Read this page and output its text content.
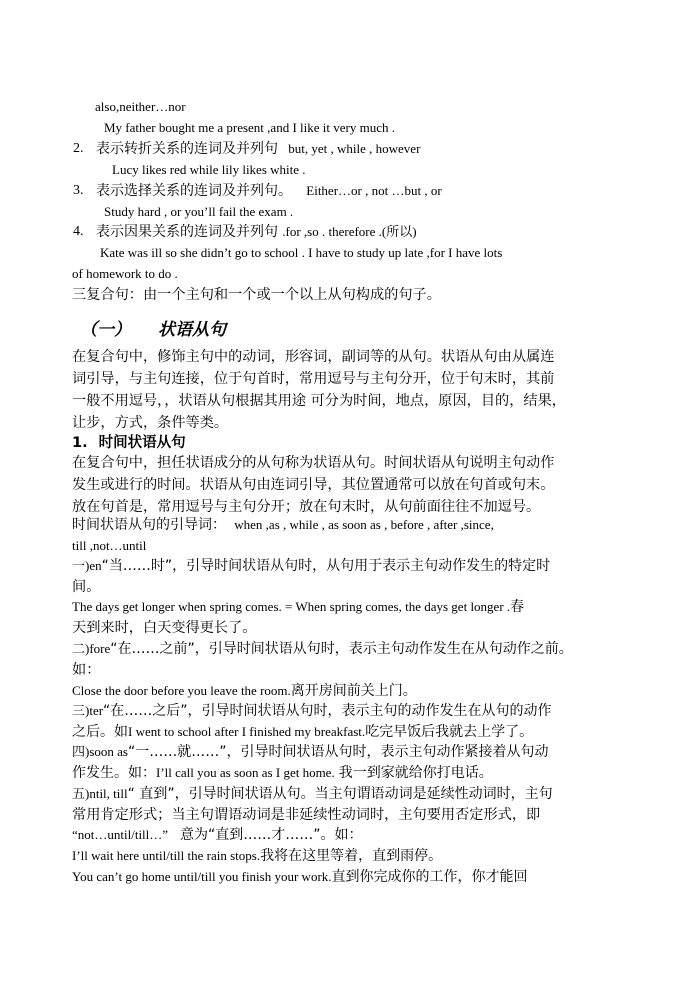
also,neither…nor
My father bought me a present ,and I like it very much .
2. 表示转折关系的连词及并列句 but, yet , while , however
Lucy likes red while lily likes white .
3. 表示选择关系的连词及并列句。 Either…or , not …but , or
Study hard , or you’ll fail the exam .
4. 表示因果关系的连词及并列句 .for ,so . therefore .(所以)
Kate was ill so she didn’t go to school . I have to study up late ,for I have lots
of homework to do .
三复合句：由一个主句和一个或一个以上从句构成的句子。
（一） 状语从句
在复合句中，修饰主句中的动词，形容词，副词等的从句。状语从句由从属连
词引导，与主句连接，位于句首时，常用逗号与主句分开，位于句末时，其前
一般不用逗号，，状语从句根据其用途 可分为时间，地点，原因，目的，结果，
让步，方式，条件等类。
1. 时间状语从句
在复合句中，担任状语成分的从句称为状语从句。时间状语从句说明主句动作
发生或进行的时间。状语从句由连词引导，其位置通常可以放在句首或句末。
放在句首是，常用逗号与主句分开；放在句末时，从句前面往往不加逗号。
时间状语从句的引导词： when ,as , while , as soon as , before , after ,since,
till ,not…until
一)en“当……时”，引导时间状语从句时，从句用于表示主句动作发生的特定时
间。
The days get longer when spring comes. = When spring comes, the days get longer .春
天到来时，白天变得更长了。
二)fore“在……之前”，引导时间状语从句时，表示主句动作发生在从句动作之前。
如：
Close the door before you leave the room.离开房间前关上门。
三)ter“在……之后”，引导时间状语从句时，表示主句的动作发生在从句的动作
之后。如I went to school after I finished my breakfast.吃完早饭后我就去上学了。
四)soon as“一……就……”，引导时间状语从句时，表示主句动作紧接着从句动
作发生。如：I’ll call you as soon as I get home. 我一到家就给你打电话。
五)ntil, till“ 直到”，引导时间状语从句。当主句谓语动词是延续性动词时，主句
常用肯定形式；当主句谓语动词是非延续性动词时，主句要用否定形式，即
“not…until/till…” 意为“直到……才……”。如：
I’ll wait here until/till the rain stops.我将在这里等着，直到雨停。
You can’t go home until/till you finish your work.直到你完成你的工作，你才能回
